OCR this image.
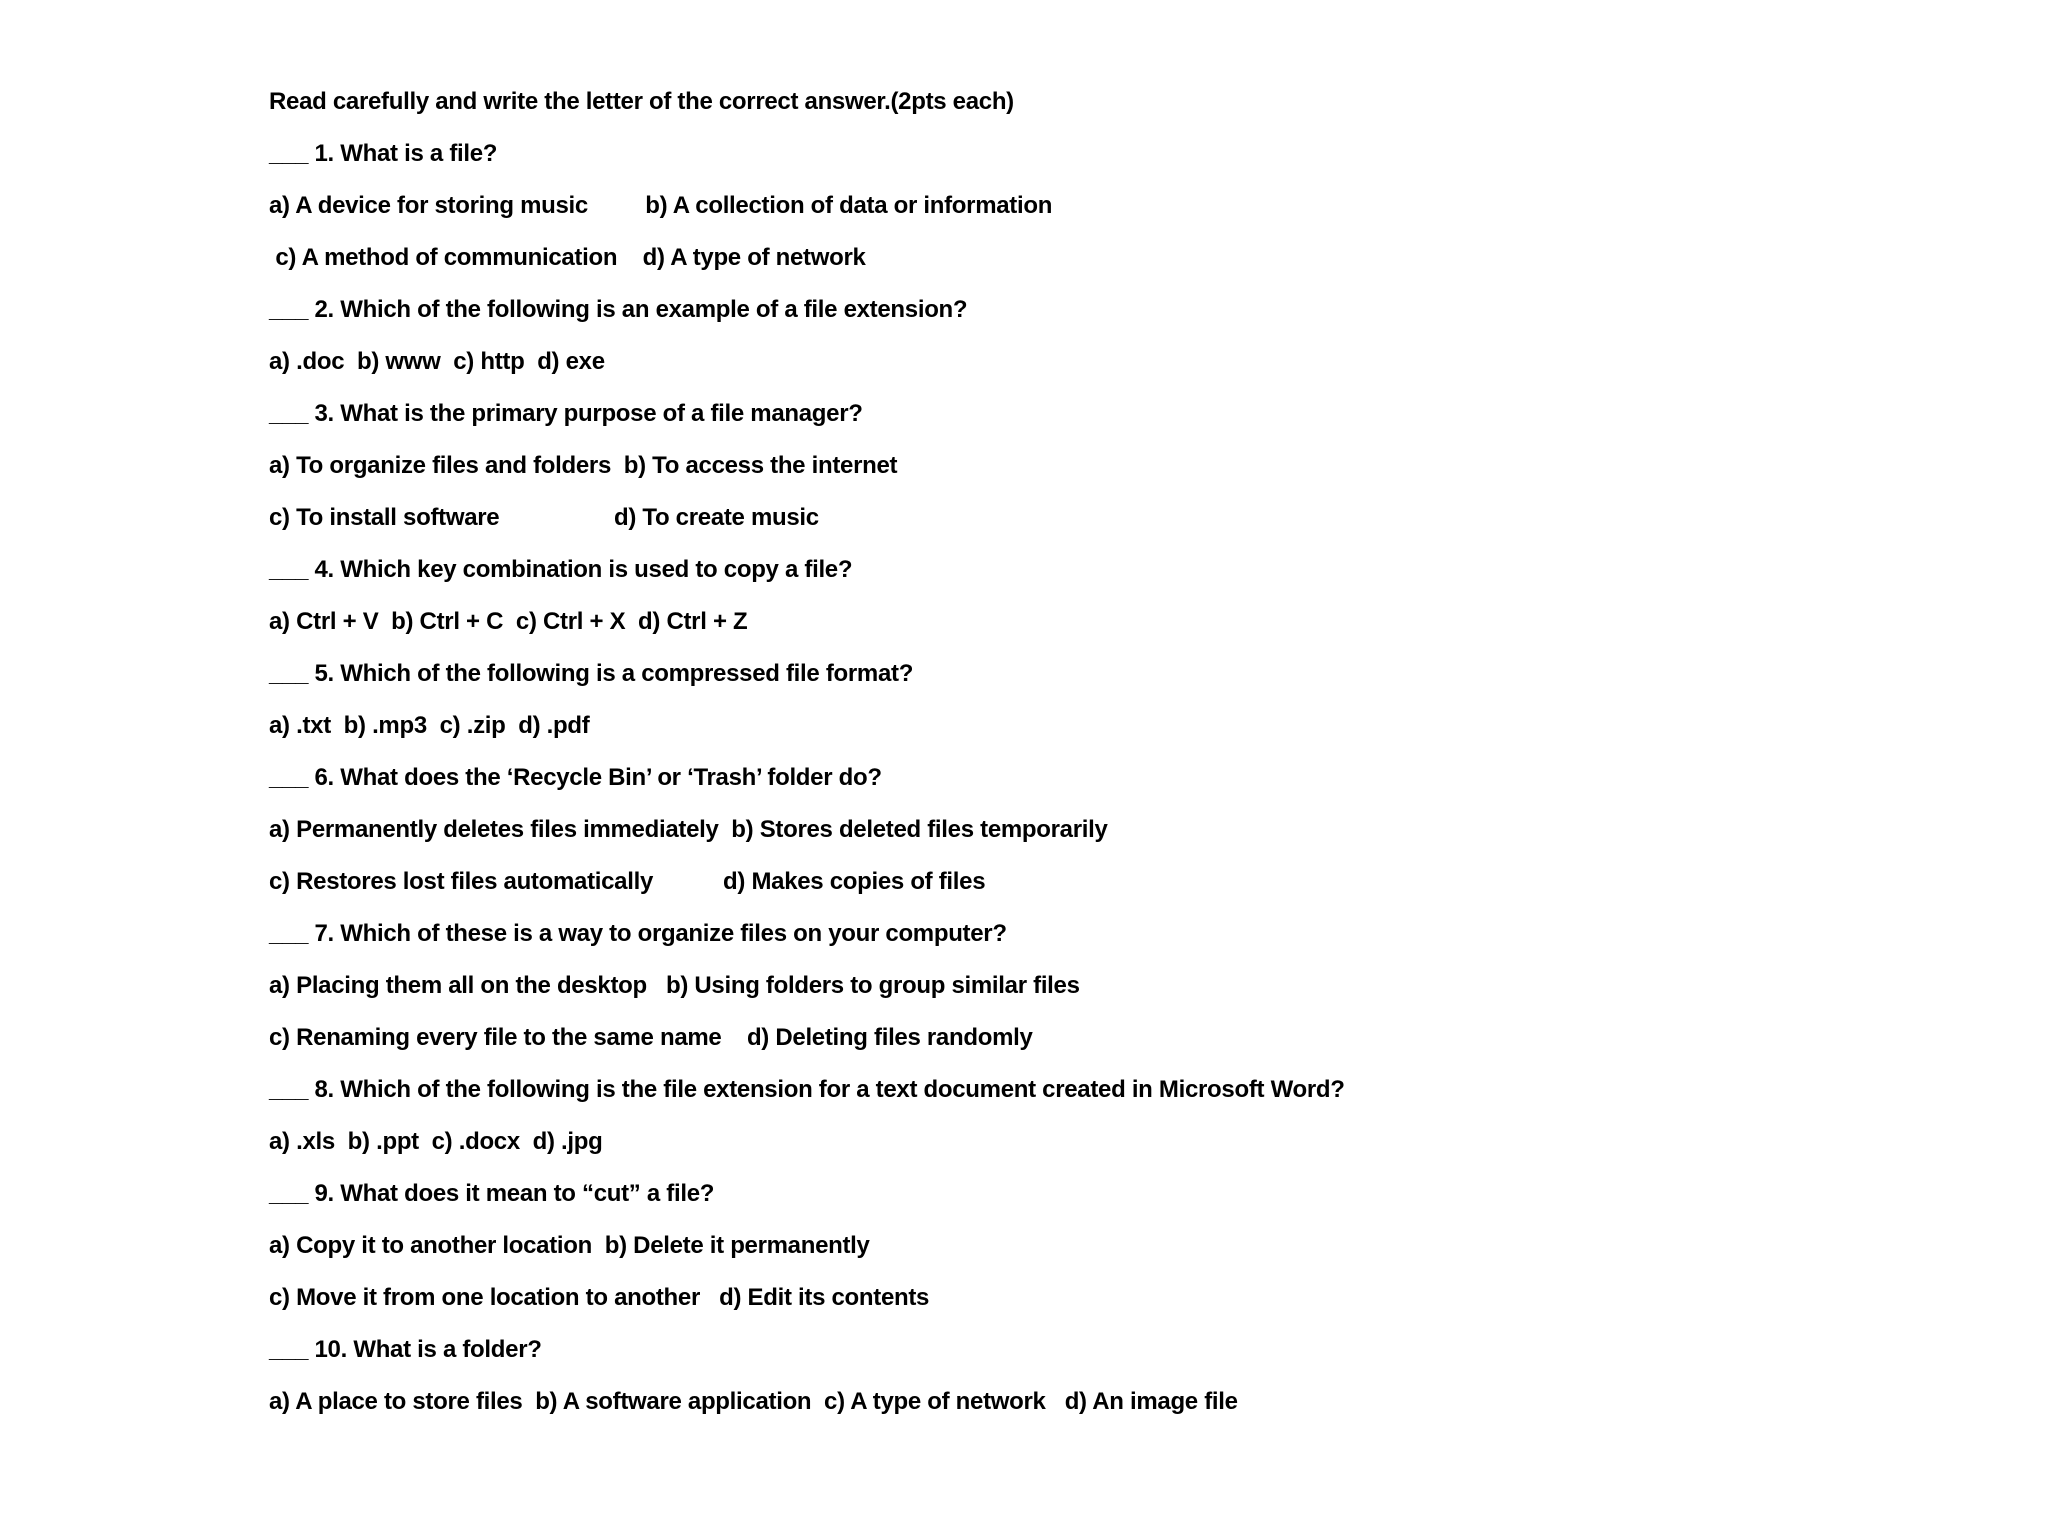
Read carefully and write the letter of the correct answer.(2pts each)
___ 1. What is a file?
a) A device for storing music         b) A collection of data or information
c) A method of communication    d) A type of network
___ 2. Which of the following is an example of a file extension?
a) .doc  b) www  c) http  d) exe
___ 3. What is the primary purpose of a file manager?
a) To organize files and folders  b) To access the internet
c) To install software                  d) To create music
___ 4. Which key combination is used to copy a file?
a) Ctrl + V  b) Ctrl + C  c) Ctrl + X  d) Ctrl + Z
___ 5. Which of the following is a compressed file format?
a) .txt  b) .mp3  c) .zip  d) .pdf
___ 6. What does the ‘Recycle Bin’ or ‘Trash’ folder do?
a) Permanently deletes files immediately  b) Stores deleted files temporarily
c) Restores lost files automatically           d) Makes copies of files
___ 7. Which of these is a way to organize files on your computer?
a) Placing them all on the desktop   b) Using folders to group similar files
c) Renaming every file to the same name    d) Deleting files randomly
___ 8. Which of the following is the file extension for a text document created in Microsoft Word?
a) .xls  b) .ppt  c) .docx  d) .jpg
___ 9. What does it mean to “cut” a file?
a) Copy it to another location  b) Delete it permanently
c) Move it from one location to another   d) Edit its contents
___ 10. What is a folder?
a) A place to store files  b) A software application  c) A type of network   d) An image file
